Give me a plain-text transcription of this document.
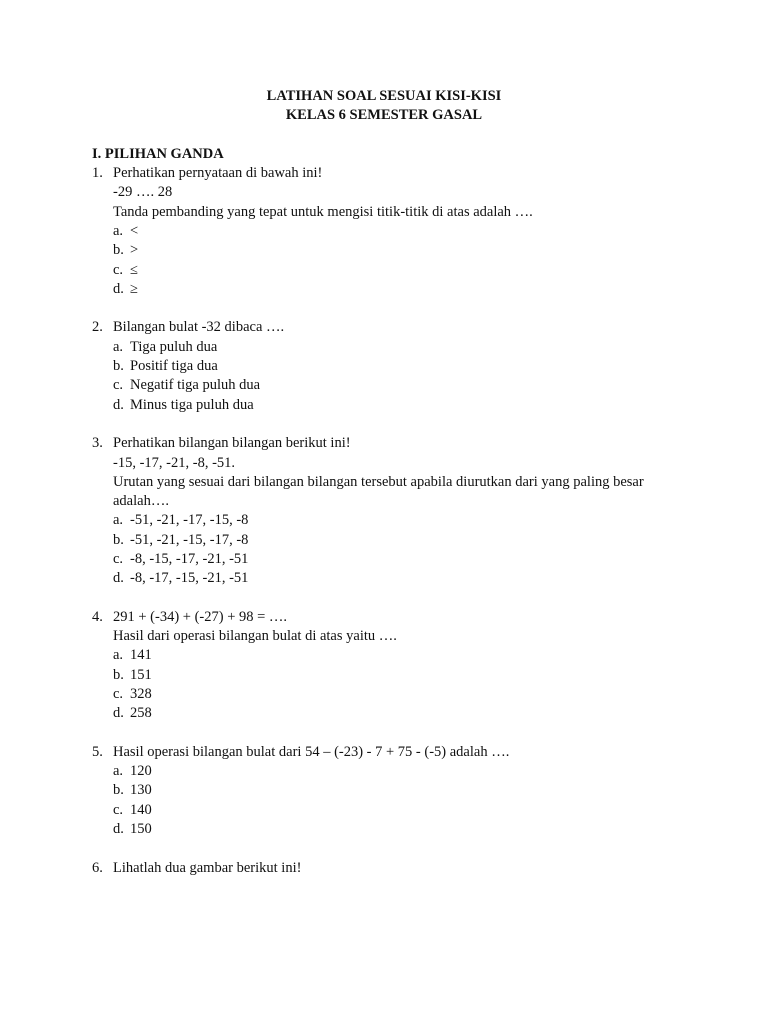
LATIHAN SOAL SESUAI KISI-KISI
KELAS 6 SEMESTER GASAL
I. PILIHAN GANDA
1. Perhatikan pernyataan di bawah ini!
-29 …. 28
Tanda pembanding yang tepat untuk mengisi titik-titik di atas adalah ….
a. <
b. >
c. ≤
d. ≥
2. Bilangan bulat -32 dibaca ….
a. Tiga puluh dua
b. Positif tiga dua
c. Negatif tiga puluh dua
d. Minus tiga puluh dua
3. Perhatikan bilangan bilangan berikut ini!
-15, -17, -21, -8, -51.
Urutan yang sesuai dari bilangan bilangan tersebut apabila diurutkan dari yang paling besar
adalah….
a. -51, -21, -17, -15, -8
b. -51, -21, -15, -17, -8
c. -8, -15, -17, -21, -51
d. -8, -17, -15, -21, -51
4. 291 + (-34) + (-27) + 98 = ….
Hasil dari operasi bilangan bulat di atas yaitu ….
a. 141
b. 151
c. 328
d. 258
5. Hasil operasi bilangan bulat dari 54 – (-23) - 7 + 75 - (-5) adalah ….
a. 120
b. 130
c. 140
d. 150
6. Lihatlah dua gambar berikut ini!
